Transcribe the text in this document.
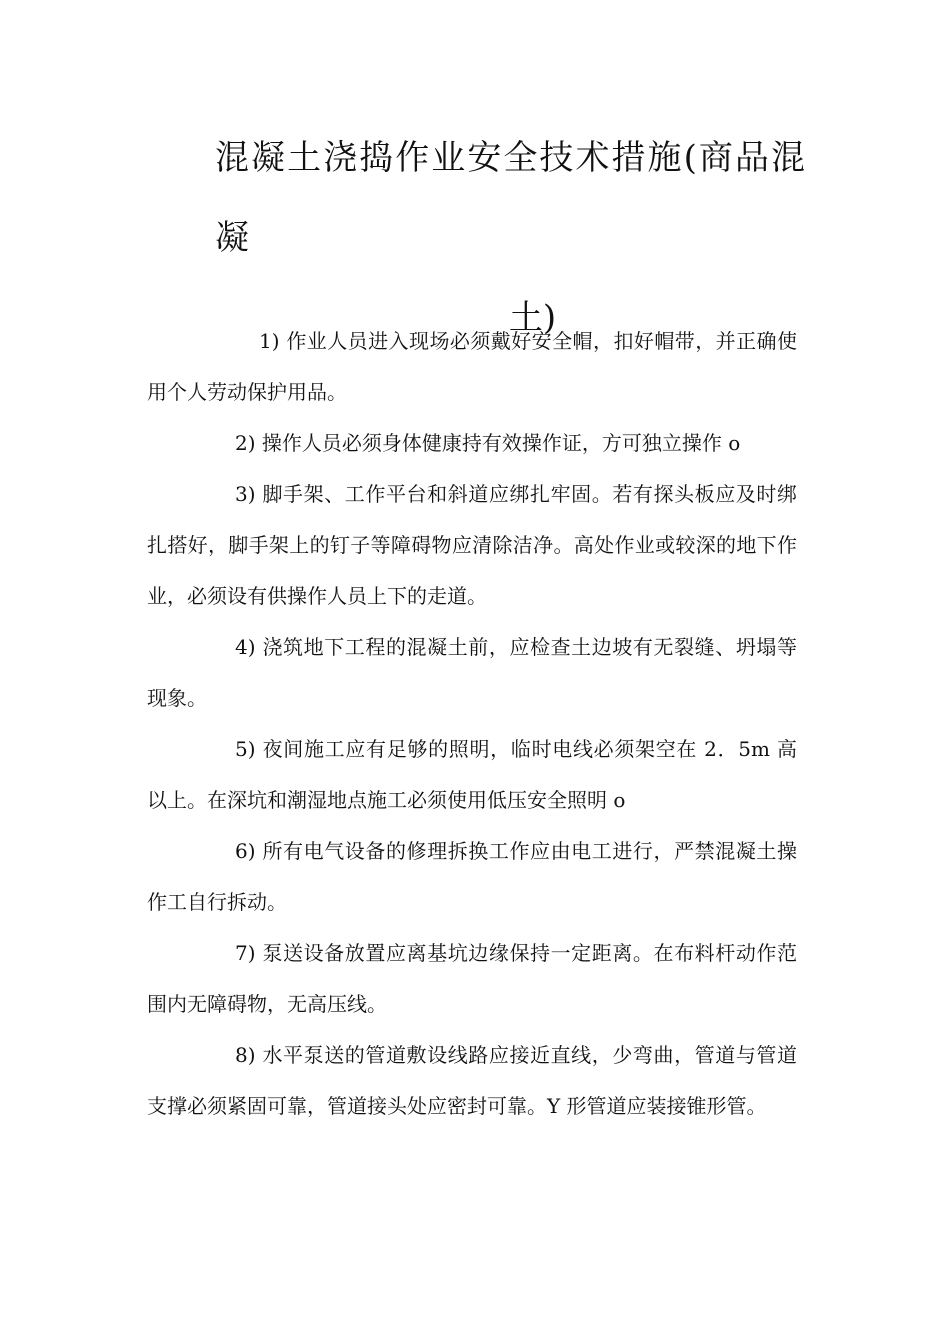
混凝土浇捣作业安全技术措施(商品混凝
土)

1) 作业人员进入现场必须戴好安全帽，扣好帽带，并正确使用个人劳动保护用品。

2) 操作人员必须身体健康持有效操作证，方可独立操作 o

3) 脚手架、工作平台和斜道应绑扎牢固。若有探头板应及时绑扎搭好，脚手架上的钉子等障碍物应清除洁净。高处作业或较深的地下作业，必须设有供操作人员上下的走道。

4) 浇筑地下工程的混凝土前，应检查土边坡有无裂缝、坍塌等现象。

5) 夜间施工应有足够的照明，临时电线必须架空在 2．5m 高以上。在深坑和潮湿地点施工必须使用低压安全照明 o

6) 所有电气设备的修理拆换工作应由电工进行，严禁混凝土操作工自行拆动。

7) 泵送设备放置应离基坑边缘保持一定距离。在布料杆动作范围内无障碍物，无高压线。

8) 水平泵送的管道敷设线路应接近直线，少弯曲，管道与管道支撑必须紧固可靠，管道接头处应密封可靠。Y 形管道应装接锥形管。
